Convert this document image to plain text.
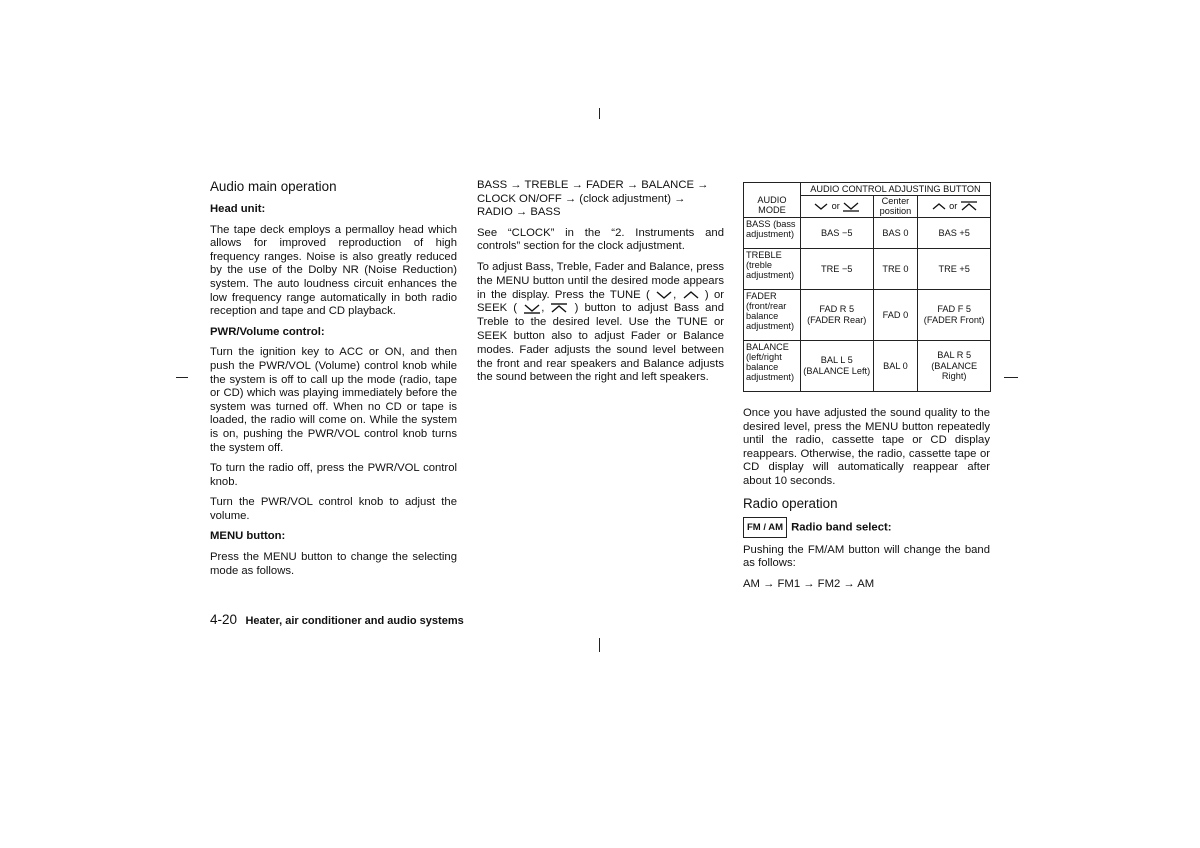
Audio main operation
Head unit:

The tape deck employs a permalloy head which allows for improved reproduction of high frequency ranges. Noise is also greatly reduced by the use of the Dolby NR (Noise Reduction) system. The auto loudness circuit enhances the low frequency range automatically in both radio reception and tape and CD playback.

PWR/Volume control:

Turn the ignition key to ACC or ON, and then push the PWR/VOL (Volume) control knob while the system is off to call up the mode (radio, tape or CD) which was playing immediately before the system was turned off. When no CD or tape is loaded, the radio will come on. While the system is on, pushing the PWR/VOL control knob turns the system off.

To turn the radio off, press the PWR/VOL control knob.

Turn the PWR/VOL control knob to adjust the volume.

MENU button:

Press the MENU button to change the selecting mode as follows.

BASS → TREBLE → FADER → BALANCE → CLOCK ON/OFF → (clock adjustment) → RADIO → BASS

See “CLOCK” in the “2. Instruments and controls” section for the clock adjustment.

To adjust Bass, Treble, Fader and Balance, press the MENU button until the desired mode appears in the display. Press the TUNE ( ,	) or SEEK ( ,	) button to adjust Bass and Treble to the desired level. Use the TUNE or SEEK button also to adjust Fader or Balance modes. Fader adjusts the sound level between the front and rear speakers and Balance adjusts the sound between the right and left speakers.

AUDIO MODE	AUDIO CONTROL ADJUSTING BUTTON		
	or	Center position	or
BASS (bass adjustment)	BAS −5	BAS 0	BAS +5
TREBLE (treble adjustment)	TRE −5	TRE 0	TRE +5
FADER (front/rear balance adjustment)	FAD R 5 (FADER Rear)	FAD 0	FAD F 5 (FADER Front)
BALANCE (left/right balance adjustment)	BAL L 5 (BALANCE Left)	BAL 0	BAL R 5 (BALANCE Right)

Once you have adjusted the sound quality to the desired level, press the MENU button repeatedly until the radio, cassette tape or CD display reappears. Otherwise, the radio, cassette tape or CD display will automatically reappear after about 10 seconds.

Radio operation
FM / AM Radio band select:

Pushing the FM/AM button will change the band as follows:

AM → FM1 → FM2 → AM

4-20 Heater, air conditioner and audio systems
